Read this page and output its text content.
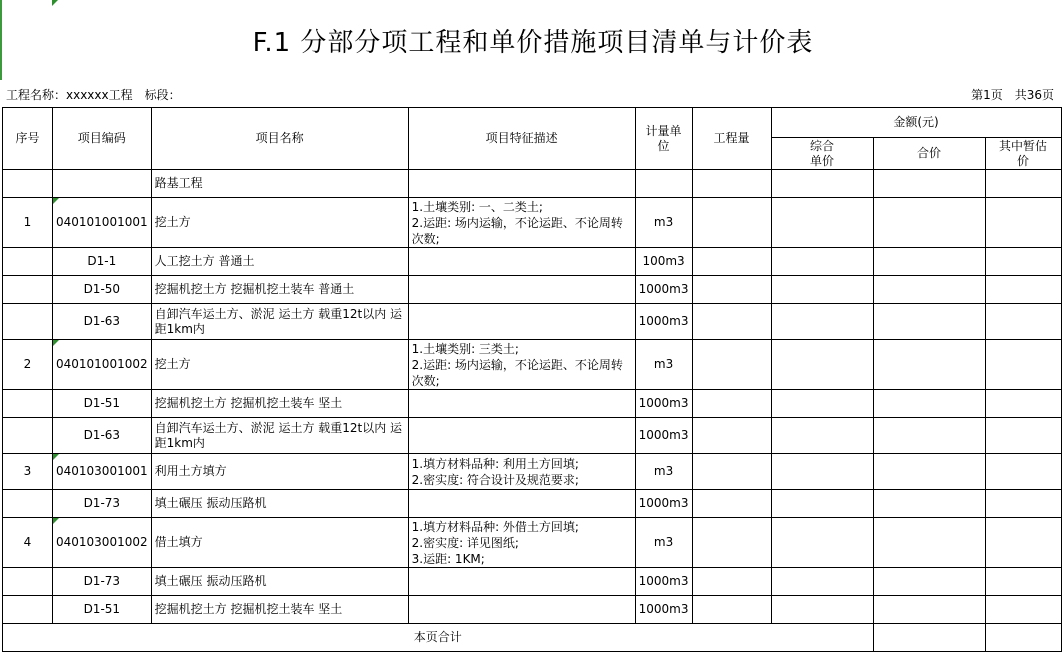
F.1 分部分项工程和单价措施项目清单与计价表
工程名称：xxxxxx工程　标段：	第1页　共36页
序号	项目编码	项目名称	项目特征描述	计量单位	工程量	金额(元)		
						综合单价	合价	其中暂估价
		路基工程						
1	040101001001	挖土方	1.土壤类别: 一、二类土;
2.运距: 场内运输，不论运距、不论周转次数;	m3				
	D1-1	人工挖土方 普通土		100m3				
	D1-50	挖掘机挖土方 挖掘机挖土装车 普通土		1000m3				
	D1-63	自卸汽车运土方、淤泥 运土方 载重12t以内 运距1km内		1000m3				
2	040101001002	挖土方	1.土壤类别: 三类土;
2.运距: 场内运输，不论运距、不论周转次数;	m3				
	D1-51	挖掘机挖土方 挖掘机挖土装车 坚土		1000m3				
	D1-63	自卸汽车运土方、淤泥 运土方 载重12t以内 运距1km内		1000m3				
3	040103001001	利用土方填方	1.填方材料品种: 利用土方回填;
2.密实度: 符合设计及规范要求;	m3				
	D1-73	填土碾压 振动压路机		1000m3				
4	040103001002	借土填方	1.填方材料品种: 外借土方回填;
2.密实度: 详见图纸;
3.运距: 1KM;	m3				
	D1-73	填土碾压 振动压路机		1000m3				
	D1-51	挖掘机挖土方 挖掘机挖土装车 坚土		1000m3				
本页合计								
